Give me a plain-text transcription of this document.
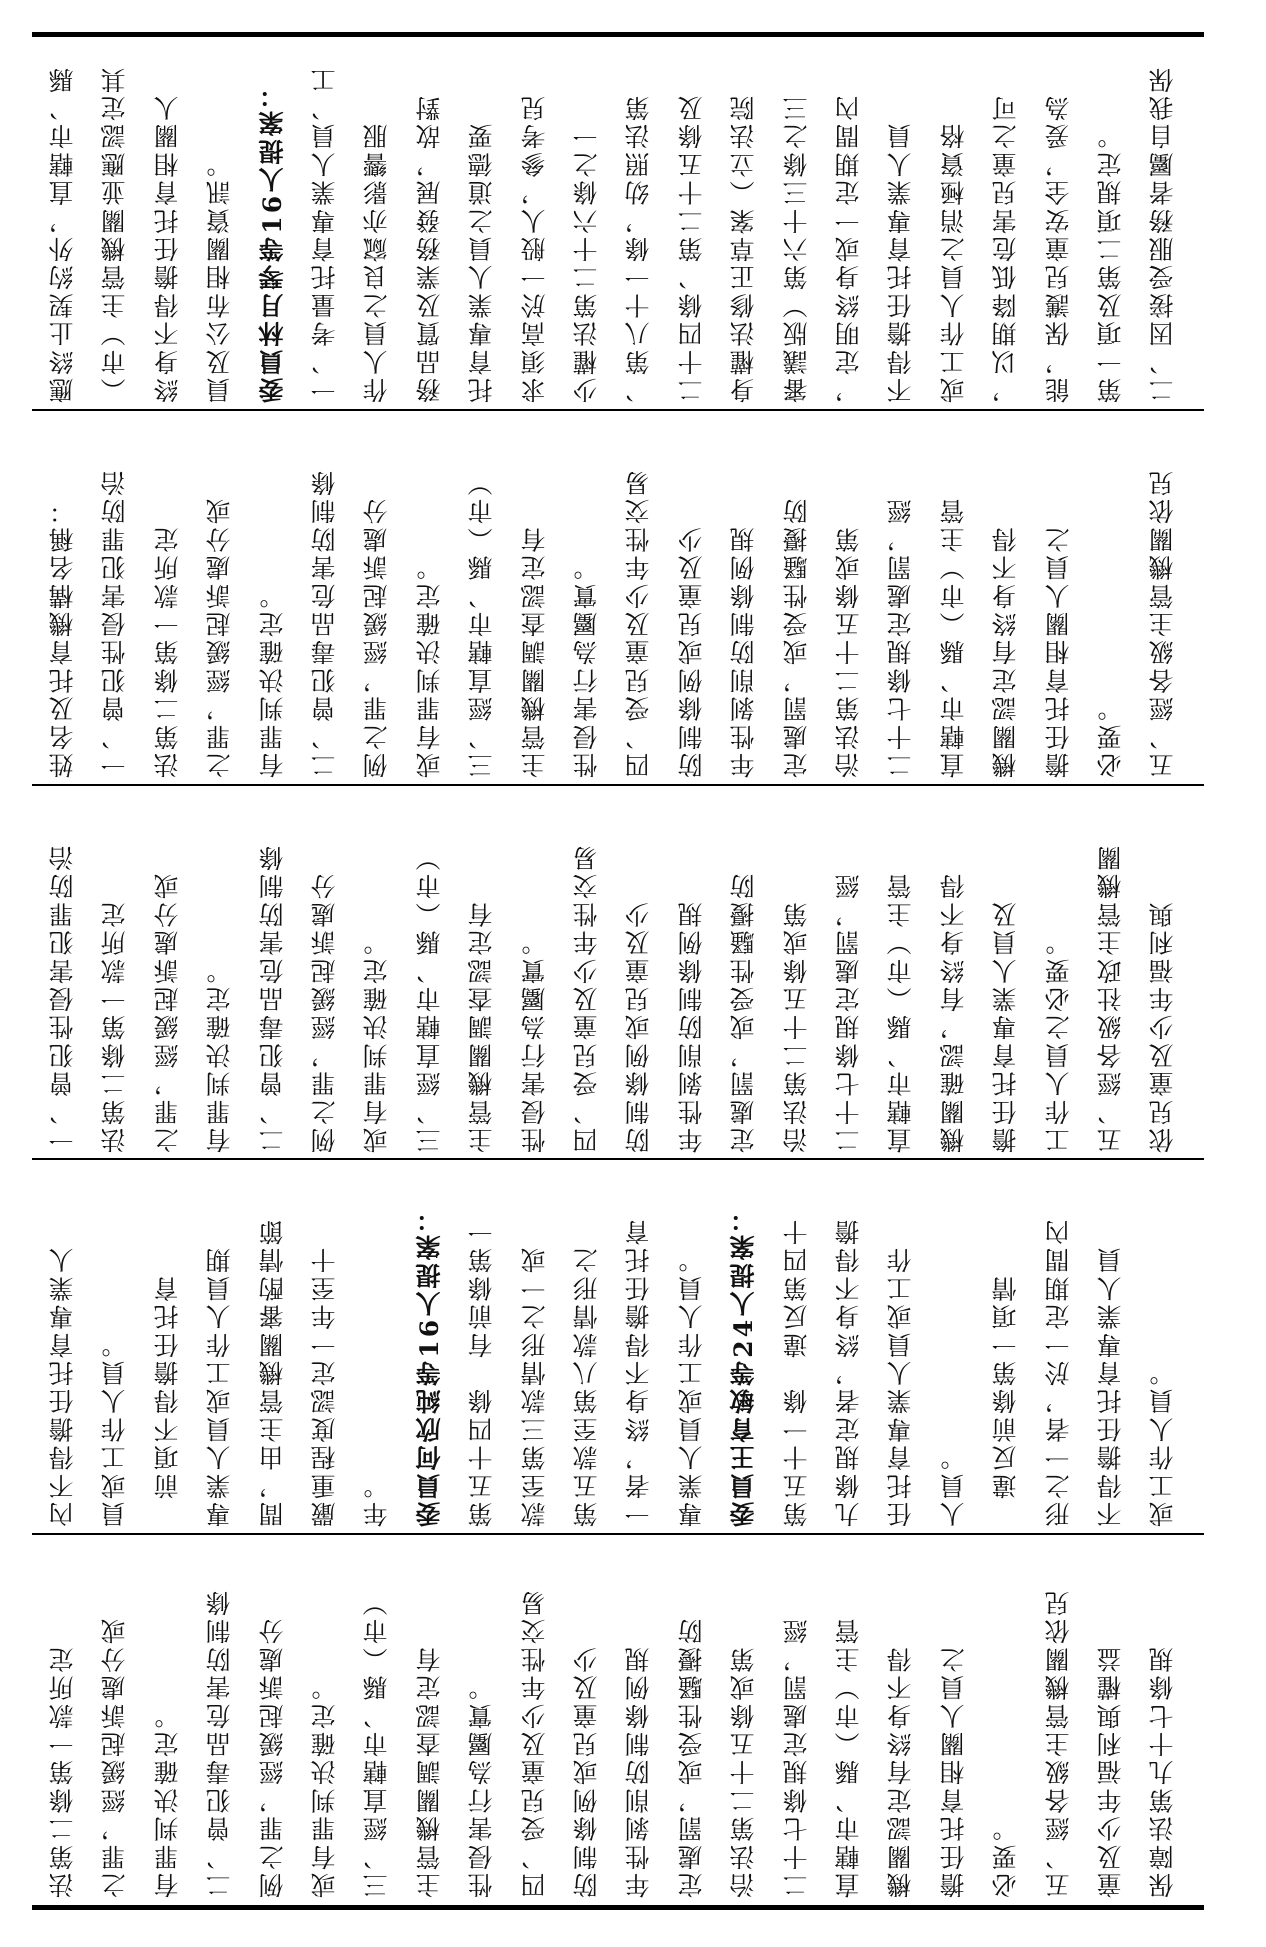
應終止契約外，直轄市、縣 （市）主管機關並應認定其 終身不得擔任托育相關人 員及公布相關資訊。 委員林月琴等16人提案： 一、考量托育專業人員、工 作人員之良窳亦影響服 務品質及業務發展，故對 托育專業人員之道德要 求須高於一般人，參考兒 少權法第二十六條之一 、第八十一條，幼照法第 二十四條、第二十五條及 身權法修正草案（立法院 審議版）第六十三條之三 ，定明終身或一定期間內 不得擔任托育專業人員 或工作人員之消極資格 ，以期降低危害兒童之可 能，保護兒童安全，爰為 第一項及第二項規定。 二、因接受服務者屬自我保
姓名及托育機構名稱： 一、曾犯性侵害犯罪防治 法第二條第一款所定 之罪，經緩起訴處分或 有罪判決確定。 二、曾犯毒品危害防制條 例之罪，經緩起訴處分 或有罪判決確定。 三、經直轄市、縣（市） 主管機關調查認定有 性侵害行為屬實。 四、受兒童及少年性交易 防制條例或兒童及少 年性剝削防制條例規 定處罰，或受性騷擾防 治法第二十五條或第 二十七條規定處罰，經 直轄市、縣（市）主管 機關認定有終身不得 擔任托育相關人員之 必要。 五、經各級主管機關依兒
一、曾犯性侵害犯罪防治 法第二條第一款所定 之罪，經緩起訴處分或 有罪判決確定。 二、曾犯毒品危害防制條 例之罪，經緩起訴處分 或有罪判決確定。 三、經直轄市、縣（市） 主管機關調查認定有 性侵害行為屬實。 四、受兒童及少年性交易 防制條例或兒童及少 年性剝削防制條例規 定處罰，或受性騷擾防 治法第二十五條或第 二十七條規定處罰，經 直轄市、縣（市）主管 機關確認，有終身不得 擔任托育專業人員及 工作人員之必要。 五、經各級社政主管機關 依兒童及少年福利與
內不得擔任托育專業人 員或工作人員。 　前項不得擔任托育 專業人員或工作人員期 間，由主管機關審酌情節 嚴重程度認定一年至十 年。 委員何欣純等16人提案： 第五十四條　有前條第一 款至第三款情形之一或 第五款至第八款情形之 一者，終身不得擔任托育 專業人員或工作人員。 委員王育敏等24人提案： 第五十一條　違反第四十 九條規定者，終身不得擔 任托育專業人員或工作 人員。 　違反前條第一項情 形之一者，於一定期間內 不得擔任托育專業人員 或工作人員。
法第二條第一款所定 之罪，經緩起訴處分或 有罪判決確定。 二、曾犯毒品危害防制條 例之罪，經緩起訴處分 或有罪判決確定。 三、經直轄市、縣（市） 主管機關調查認定有 性侵害行為屬實。 四、受兒童及少年性交易 防制條例或兒童及少 年性剝削防制條例規 定處罰，或受性騷擾防 治法第二十五條或第 二十七條規定處罰，經 直轄市、縣（市）主管 機關認定有終身不得 擔任托育相關人員之 必要。 五、經各級主管機關依兒 童及少年福利與權益 保障法第九十七條規
